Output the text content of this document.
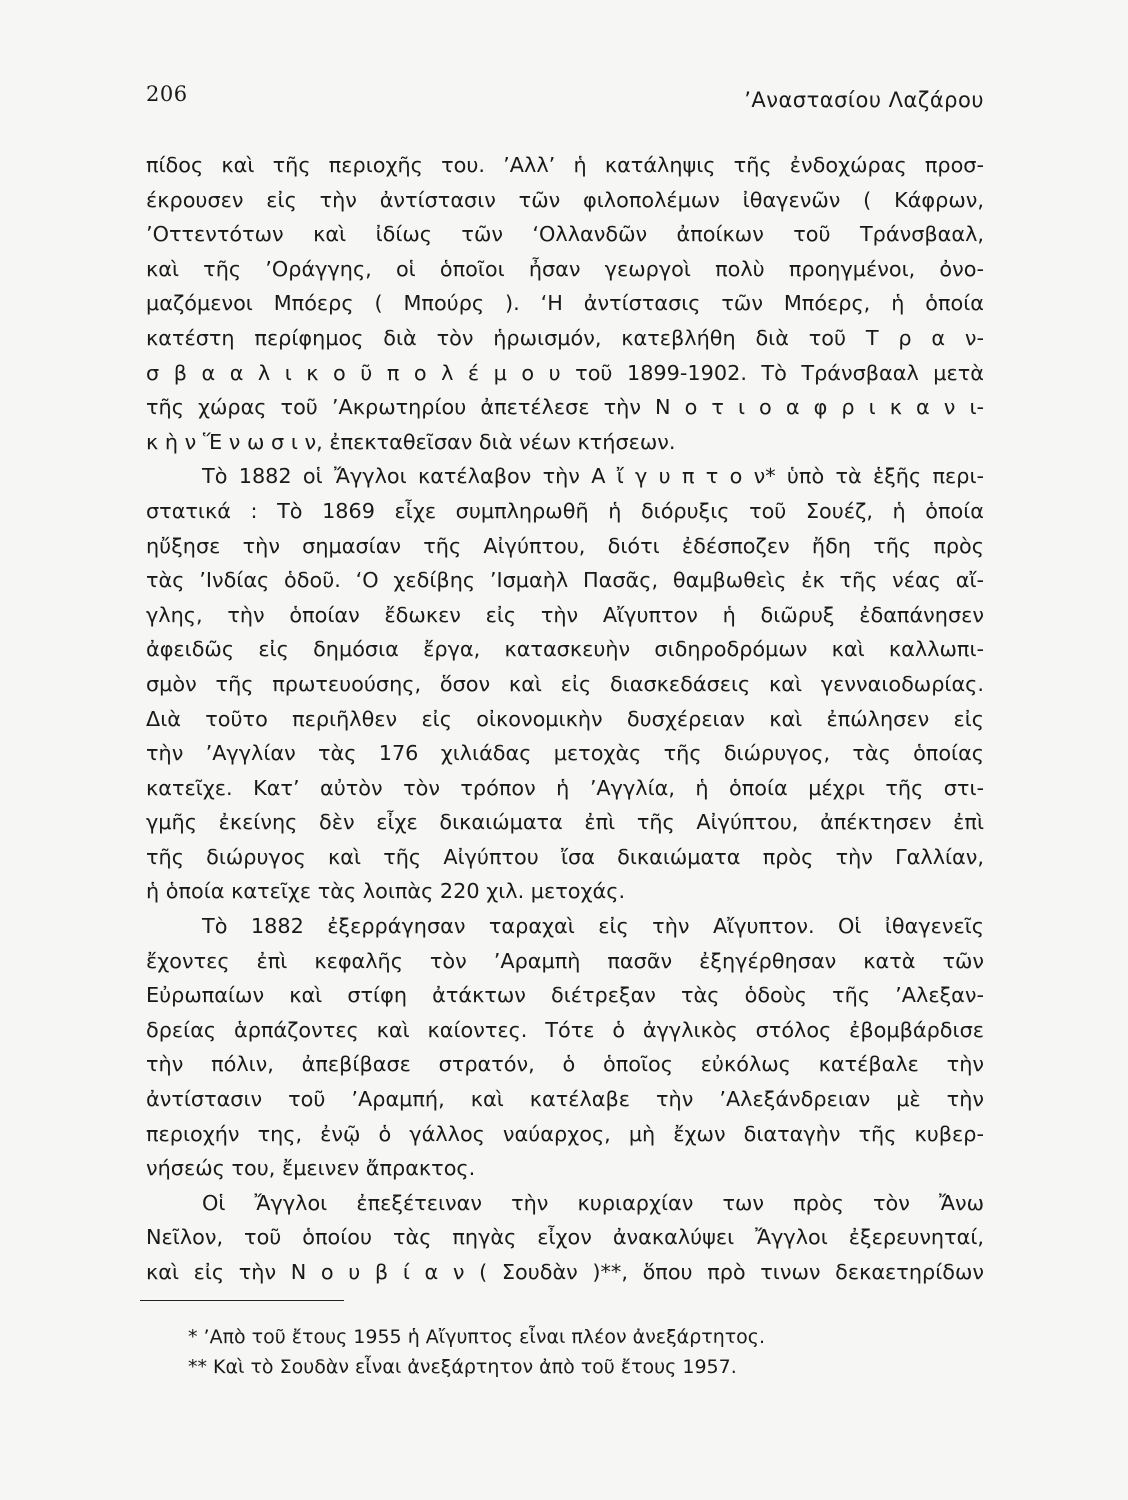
206	’Αναστασίου Λαζάρου
πίδος καὶ τῆς περιοχῆς του. ’Αλλ’ ἡ κατάληψις τῆς ἐνδοχώρας προσ-
έκρουσεν εἰς τὴν ἀντίστασιν τῶν φιλοπολέμων ἰθαγενῶν ( Κάφρων,
’Οττεντότων καὶ ἰδίως τῶν ‘Ολλανδῶν ἀποίκων τοῦ Τράνσβααλ,
καὶ τῆς ’Οράγγης, οἱ ὁποῖοι ἦσαν γεωργοὶ πολὺ προηγμένοι, ὀνο-
μαζόμενοι Μπόερς ( Μπούρς ). ‘Η ἀντίστασις τῶν Μπόερς, ἡ ὁποία
κατέστη περίφημος διὰ τὸν ἡρωισμόν, κατεβλήθη διὰ τοῦ Τ ρ α ν-
σ β α α λ ι κ ο ῦ π ο λ έ μ ο υ τοῦ 1899-1902. Τὸ Τράνσβααλ μετὰ
τῆς χώρας τοῦ ’Ακρωτηρίου ἀπετέλεσε τὴν Ν ο τ ι ο α φ ρ ι κ α ν ι-
κ ὴ ν Ἕ ν ω σ ι ν, ἐπεκταθεῖσαν διὰ νέων κτήσεων.
Τὸ 1882 οἱ Ἄγγλοι κατέλαβον τὴν Α ἴ γ υ π τ ο ν* ὑπὸ τὰ ἑξῆς περι-
στατικά : Τὸ 1869 εἶχε συμπληρωθῆ ἡ διόρυξις τοῦ Σουέζ, ἡ ὁποία
ηὔξησε τὴν σημασίαν τῆς Αἰγύπτου, διότι ἐδέσποζεν ἤδη τῆς πρὸς
τὰς ’Ινδίας ὁδοῦ. ‘Ο χεδίβης ’Ισμαὴλ Πασᾶς, θαμβωθεὶς ἐκ τῆς νέας αἴ-
γλης, τὴν ὁποίαν ἔδωκεν εἰς τὴν Αἴγυπτον ἡ διῶρυξ ἐδαπάνησεν
ἀφειδῶς εἰς δημόσια ἔργα, κατασκευὴν σιδηροδρόμων καὶ καλλωπι-
σμὸν τῆς πρωτευούσης, ὅσον καὶ εἰς διασκεδάσεις καὶ γενναιοδωρίας.
Διὰ τοῦτο περιῆλθεν εἰς οἰκονομικὴν δυσχέρειαν καὶ ἐπώλησεν εἰς
τὴν ’Αγγλίαν τὰς 176 χιλιάδας μετοχὰς τῆς διώρυγος, τὰς ὁποίας
κατεῖχε. Κατ’ αὐτὸν τὸν τρόπον ἡ ’Αγγλία, ἡ ὁποία μέχρι τῆς στι-
γμῆς ἐκείνης δὲν εἶχε δικαιώματα ἐπὶ τῆς Αἰγύπτου, ἀπέκτησεν ἐπὶ
τῆς διώρυγος καὶ τῆς Αἰγύπτου ἴσα δικαιώματα πρὸς τὴν Γαλλίαν,
ἡ ὁποία κατεῖχε τὰς λοιπὰς 220 χιλ. μετοχάς.
Τὸ 1882 ἐξερράγησαν ταραχαὶ εἰς τὴν Αἴγυπτον. Οἱ ἰθαγενεῖς
ἔχοντες ἐπὶ κεφαλῆς τὸν ’Αραμπὴ πασᾶν ἐξηγέρθησαν κατὰ τῶν
Εὐρωπαίων καὶ στίφη ἀτάκτων διέτρεξαν τὰς ὁδοὺς τῆς ’Αλεξαν-
δρείας ἁρπάζοντες καὶ καίοντες. Τότε ὁ ἀγγλικὸς στόλος ἐβομβάρδισε
τὴν πόλιν, ἀπεβίβασε στρατόν, ὁ ὁποῖος εὐκόλως κατέβαλε τὴν
ἀντίστασιν τοῦ ’Αραμπή, καὶ κατέλαβε τὴν ’Αλεξάνδρειαν μὲ τὴν
περιοχήν της, ἐνῷ ὁ γάλλος ναύαρχος, μὴ ἔχων διαταγὴν τῆς κυβερ-
νήσεώς του, ἔμεινεν ἄπρακτος.
Οἱ Ἄγγλοι ἐπεξέτειναν τὴν κυριαρχίαν των πρὸς τὸν Ἄνω
Νεῖλον, τοῦ ὁποίου τὰς πηγὰς εἶχον ἀνακαλύψει Ἄγγλοι ἐξερευνηταί,
καὶ εἰς τὴν Ν ο υ β ί α ν ( Σουδὰν )**, ὅπου πρὸ τινων δεκαετηρίδων
* ’Απὸ τοῦ ἔτους 1955 ἡ Αἴγυπτος εἶναι πλέον ἀνεξάρτητος.
** Καὶ τὸ Σουδὰν εἶναι ἀνεξάρτητον ἀπὸ τοῦ ἔτους 1957.
